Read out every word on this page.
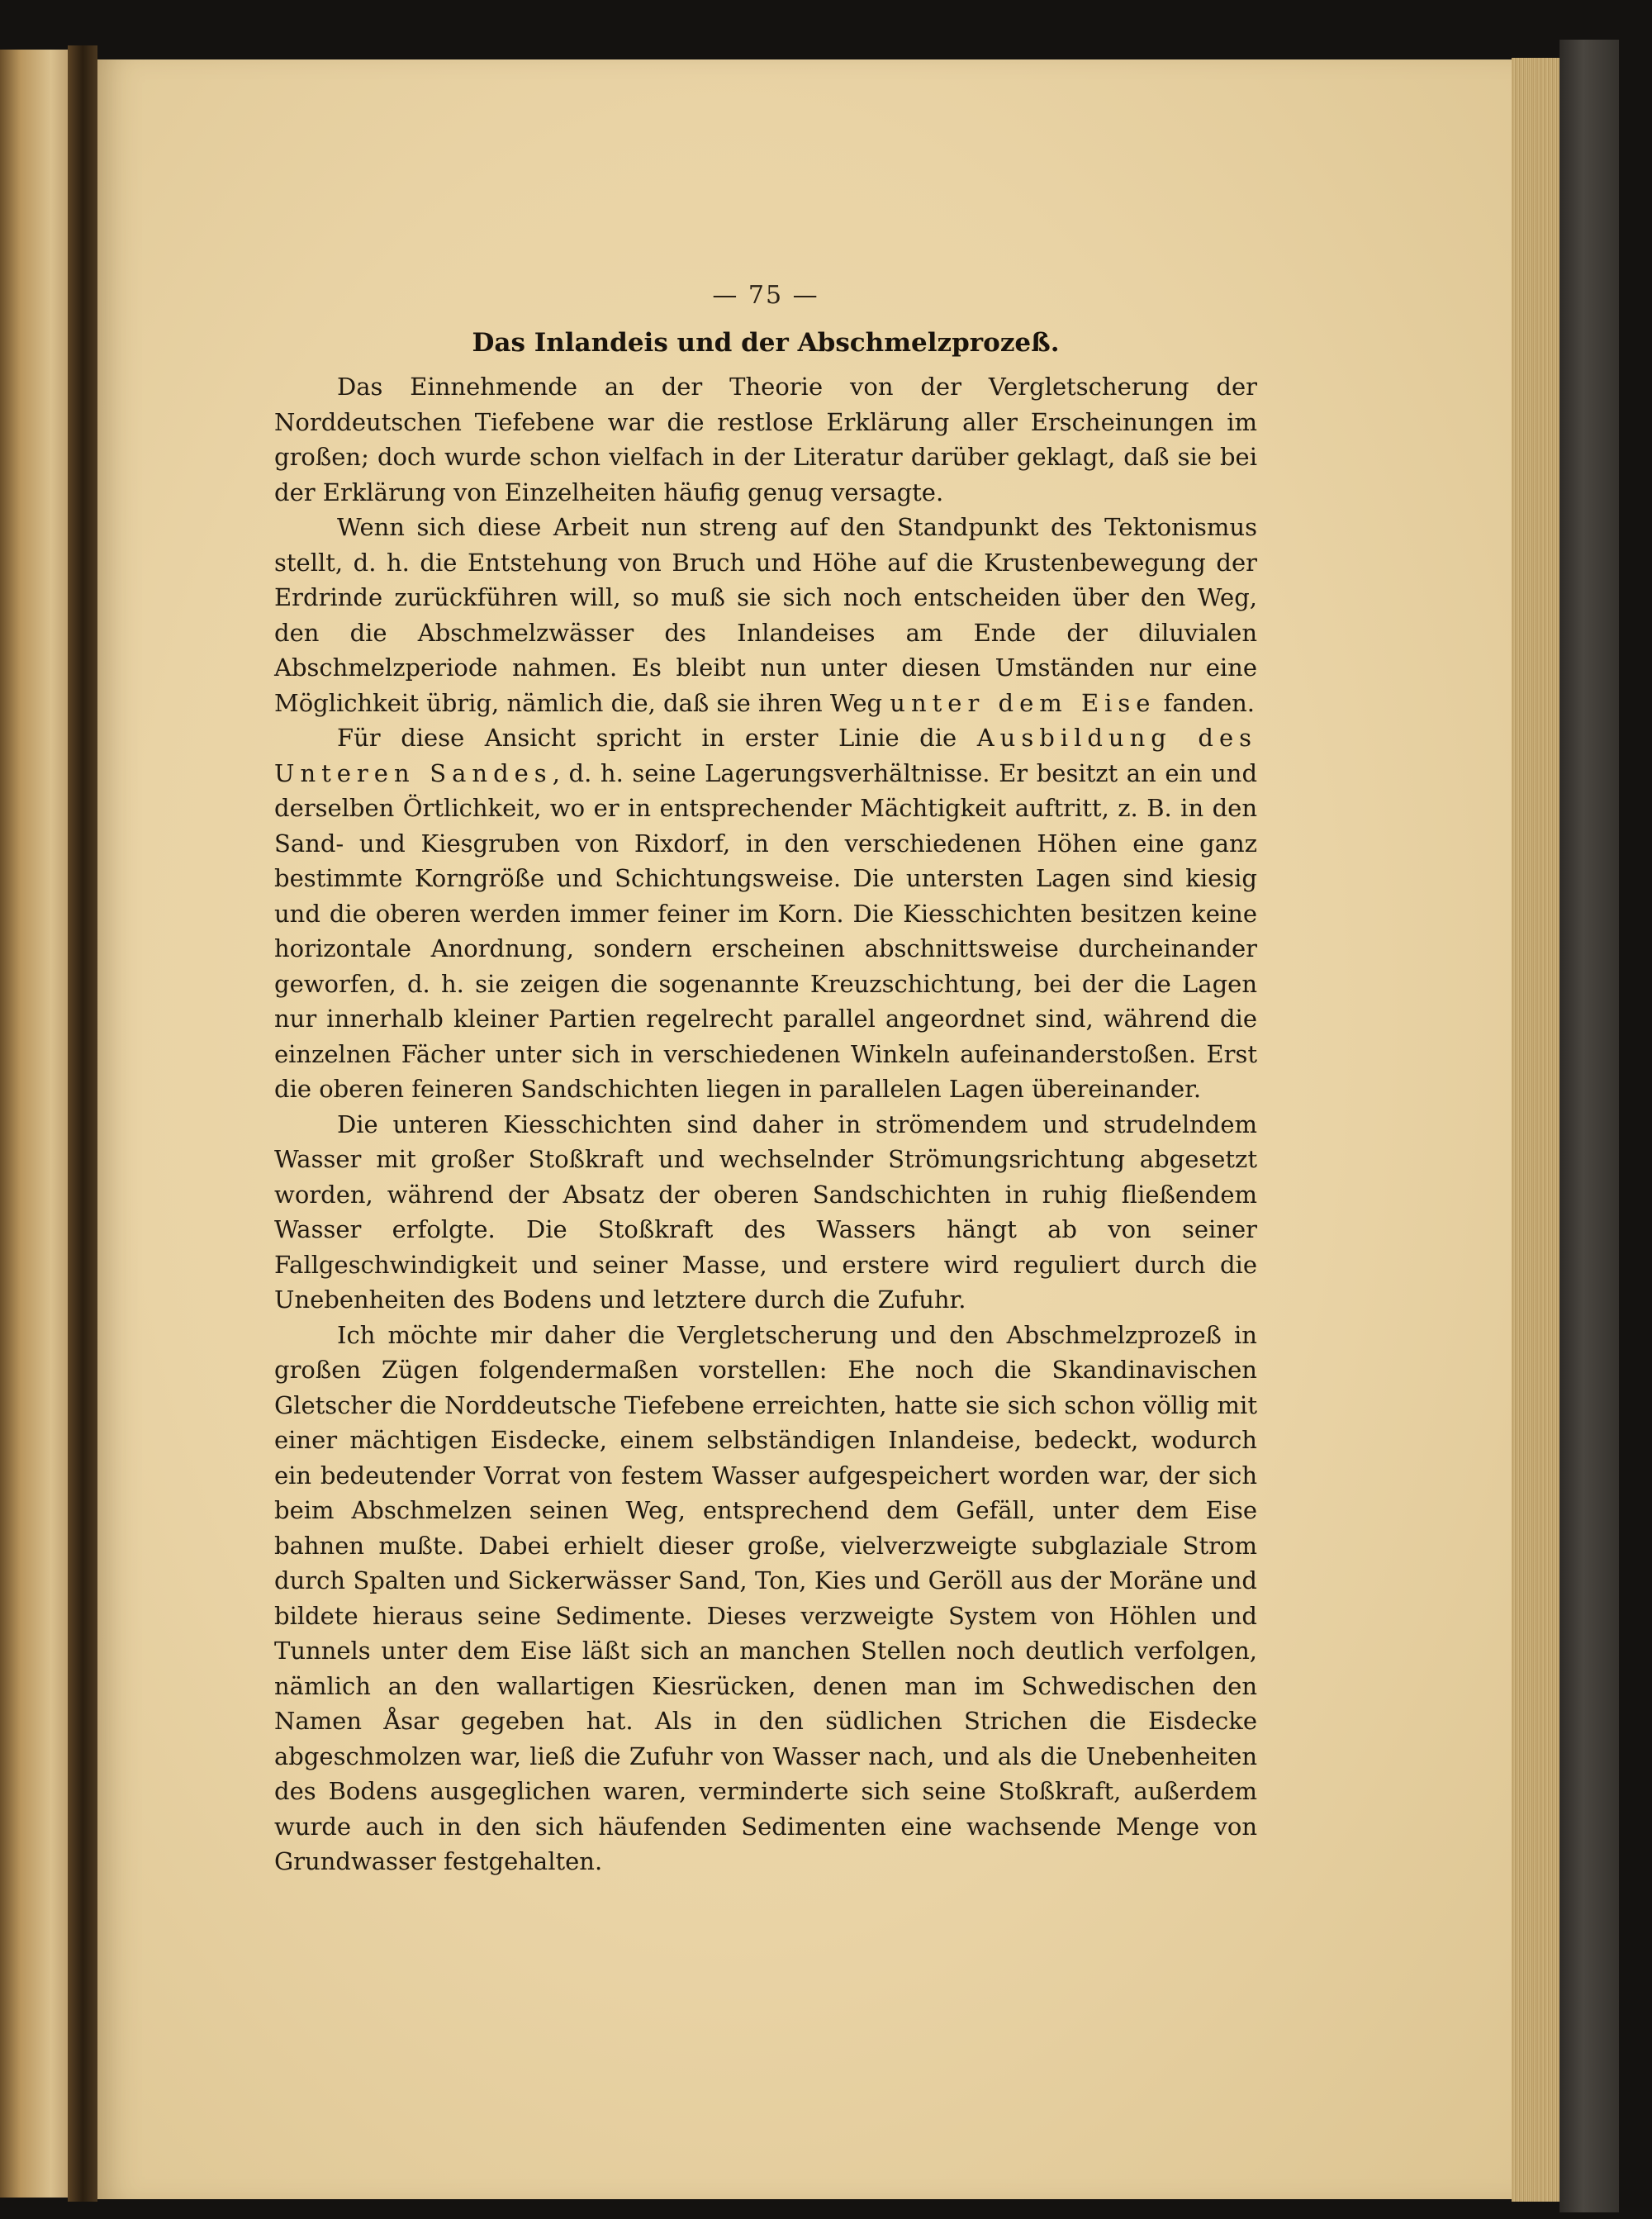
— 75 —
Das Inlandeis und der Abschmelzprozeß.

Das Einnehmende an der Theorie von der Vergletscherung der Norddeutschen Tiefebene war die restlose Erklärung aller Erscheinungen im großen; doch wurde schon vielfach in der Literatur darüber geklagt, daß sie bei der Erklärung von Einzelheiten häufig genug versagte.

Wenn sich diese Arbeit nun streng auf den Standpunkt des Tektonismus stellt, d. h. die Entstehung von Bruch und Höhe auf die Krustenbewegung der Erdrinde zurückführen will, so muß sie sich noch entscheiden über den Weg, den die Abschmelzwässer des Inlandeises am Ende der diluvialen Abschmelzperiode nahmen. Es bleibt nun unter diesen Umständen nur eine Möglichkeit übrig, nämlich die, daß sie ihren Weg unter dem Eise fanden.

Für diese Ansicht spricht in erster Linie die Ausbildung des Unteren Sandes, d. h. seine Lagerungsverhältnisse. Er besitzt an ein und derselben Örtlichkeit, wo er in entsprechender Mächtigkeit auftritt, z. B. in den Sand- und Kiesgruben von Rixdorf, in den verschiedenen Höhen eine ganz bestimmte Korngröße und Schichtungsweise. Die untersten Lagen sind kiesig und die oberen werden immer feiner im Korn. Die Kiesschichten besitzen keine horizontale Anordnung, sondern erscheinen abschnittsweise durcheinander geworfen, d. h. sie zeigen die sogenannte Kreuzschichtung, bei der die Lagen nur innerhalb kleiner Partien regelrecht parallel angeordnet sind, während die einzelnen Fächer unter sich in verschiedenen Winkeln aufeinanderstoßen. Erst die oberen feineren Sandschichten liegen in parallelen Lagen übereinander.

Die unteren Kiesschichten sind daher in strömendem und strudelndem Wasser mit großer Stoßkraft und wechselnder Strömungsrichtung abgesetzt worden, während der Absatz der oberen Sandschichten in ruhig fließendem Wasser erfolgte. Die Stoßkraft des Wassers hängt ab von seiner Fallgeschwindigkeit und seiner Masse, und erstere wird reguliert durch die Unebenheiten des Bodens und letztere durch die Zufuhr.

Ich möchte mir daher die Vergletscherung und den Abschmelzprozeß in großen Zügen folgendermaßen vorstellen: Ehe noch die Skandinavischen Gletscher die Norddeutsche Tiefebene erreichten, hatte sie sich schon völlig mit einer mächtigen Eisdecke, einem selbständigen Inlandeise, bedeckt, wodurch ein bedeutender Vorrat von festem Wasser aufgespeichert worden war, der sich beim Abschmelzen seinen Weg, entsprechend dem Gefäll, unter dem Eise bahnen mußte. Dabei erhielt dieser große, vielverzweigte subglaziale Strom durch Spalten und Sickerwässer Sand, Ton, Kies und Geröll aus der Moräne und bildete hieraus seine Sedimente. Dieses verzweigte System von Höhlen und Tunnels unter dem Eise läßt sich an manchen Stellen noch deutlich verfolgen, nämlich an den wallartigen Kiesrücken, denen man im Schwedischen den Namen Åsar gegeben hat. Als in den südlichen Strichen die Eisdecke abgeschmolzen war, ließ die Zufuhr von Wasser nach, und als die Unebenheiten des Bodens ausgeglichen waren, verminderte sich seine Stoßkraft, außerdem wurde auch in den sich häufenden Sedimenten eine wachsende Menge von Grundwasser festgehalten.
